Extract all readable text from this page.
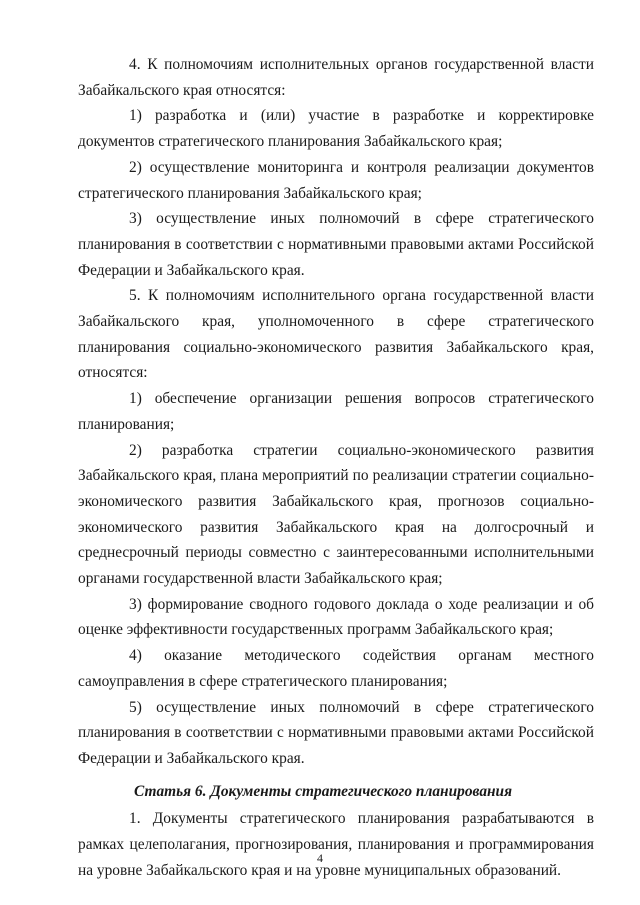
4. К полномочиям исполнительных органов государственной власти Забайкальского края относятся:

1) разработка и (или) участие в разработке и корректировке документов стратегического планирования Забайкальского края;

2) осуществление мониторинга и контроля реализации документов стратегического планирования Забайкальского края;

3) осуществление иных полномочий в сфере стратегического планирования в соответствии с нормативными правовыми актами Российской Федерации и Забайкальского края.

5. К полномочиям исполнительного органа государственной власти Забайкальского края, уполномоченного в сфере стратегического планирования социально-экономического развития Забайкальского края, относятся:

1) обеспечение организации решения вопросов стратегического планирования;

2) разработка стратегии социально-экономического развития Забайкальского края, плана мероприятий по реализации стратегии социально-экономического развития Забайкальского края, прогнозов социально-экономического развития Забайкальского края на долгосрочный и среднесрочный периоды совместно с заинтересованными исполнительными органами государственной власти Забайкальского края;

3) формирование сводного годового доклада о ходе реализации и об оценке эффективности государственных программ Забайкальского края;

4) оказание методического содействия органам местного самоуправления в сфере стратегического планирования;

5) осуществление иных полномочий в сфере стратегического планирования в соответствии с нормативными правовыми актами Российской Федерации и Забайкальского края.

Статья 6. Документы стратегического планирования

1. Документы стратегического планирования разрабатываются в рамках целеполагания, прогнозирования, планирования и программирования на уровне Забайкальского края и на уровне муниципальных образований.

4
